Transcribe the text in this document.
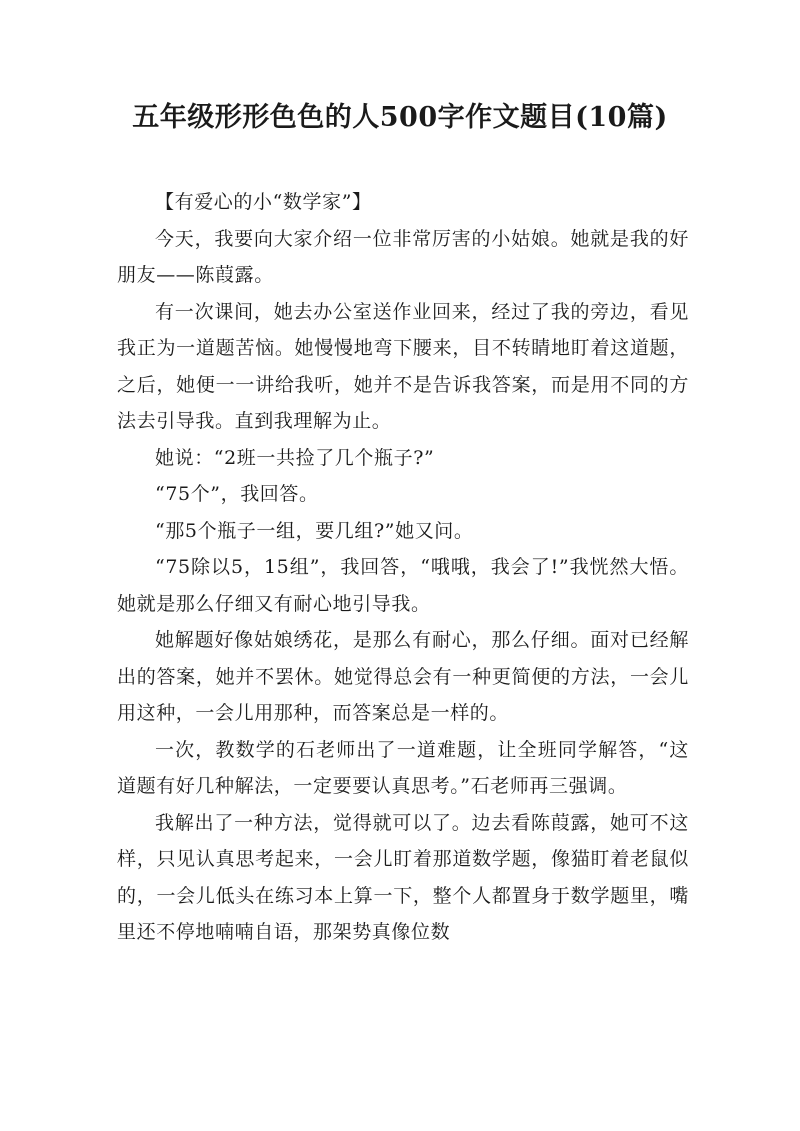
五年级形形色色的人500字作文题目(10篇)

【有爱心的小“数学家”】

今天，我要向大家介绍一位非常厉害的小姑娘。她就是我的好朋友——陈葭露。

有一次课间，她去办公室送作业回来，经过了我的旁边，看见我正为一道题苦恼。她慢慢地弯下腰来，目不转睛地盯着这道题，之后，她便一一讲给我听，她并不是告诉我答案，而是用不同的方法去引导我。直到我理解为止。

她说：“2班一共捡了几个瓶子?”

“75个”，我回答。

“那5个瓶子一组，要几组?”她又问。

“75除以5，15组”，我回答，“哦哦，我会了!”我恍然大悟。她就是那么仔细又有耐心地引导我。

她解题好像姑娘绣花，是那么有耐心，那么仔细。面对已经解出的答案，她并不罢休。她觉得总会有一种更简便的方法，一会儿用这种，一会儿用那种，而答案总是一样的。

一次，教数学的石老师出了一道难题，让全班同学解答，“这道题有好几种解法，一定要要认真思考。”石老师再三强调。

我解出了一种方法，觉得就可以了。边去看陈葭露，她可不这样，只见认真思考起来，一会儿盯着那道数学题，像猫盯着老鼠似的，一会儿低头在练习本上算一下，整个人都置身于数学题里，嘴里还不停地喃喃自语，那架势真像位数
